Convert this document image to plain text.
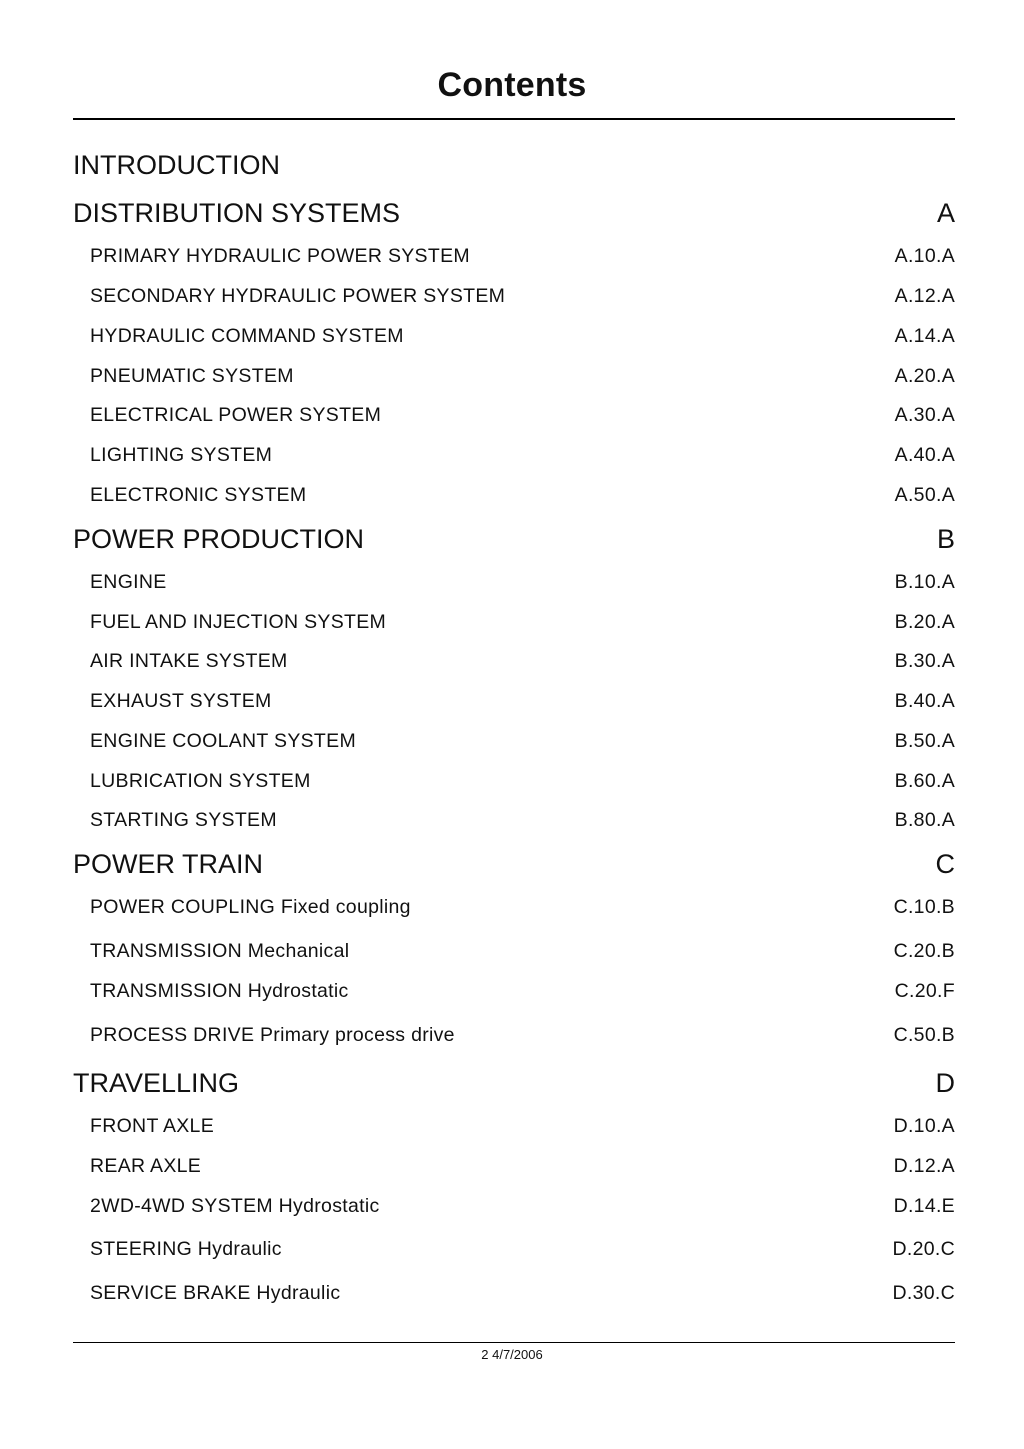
Contents
INTRODUCTION
DISTRIBUTION SYSTEMS	A
PRIMARY HYDRAULIC POWER SYSTEM	A.10.A
SECONDARY HYDRAULIC POWER SYSTEM	A.12.A
HYDRAULIC COMMAND SYSTEM	A.14.A
PNEUMATIC SYSTEM	A.20.A
ELECTRICAL POWER SYSTEM	A.30.A
LIGHTING SYSTEM	A.40.A
ELECTRONIC SYSTEM	A.50.A
POWER PRODUCTION	B
ENGINE	B.10.A
FUEL AND INJECTION SYSTEM	B.20.A
AIR INTAKE SYSTEM	B.30.A
EXHAUST SYSTEM	B.40.A
ENGINE COOLANT SYSTEM	B.50.A
LUBRICATION SYSTEM	B.60.A
STARTING SYSTEM	B.80.A
POWER TRAIN	C
POWER COUPLING Fixed coupling	C.10.B
TRANSMISSION Mechanical	C.20.B
TRANSMISSION Hydrostatic	C.20.F
PROCESS DRIVE Primary process drive	C.50.B
TRAVELLING	D
FRONT AXLE	D.10.A
REAR AXLE	D.12.A
2WD-4WD SYSTEM Hydrostatic	D.14.E
STEERING Hydraulic	D.20.C
SERVICE BRAKE Hydraulic	D.30.C
2 4/7/2006
